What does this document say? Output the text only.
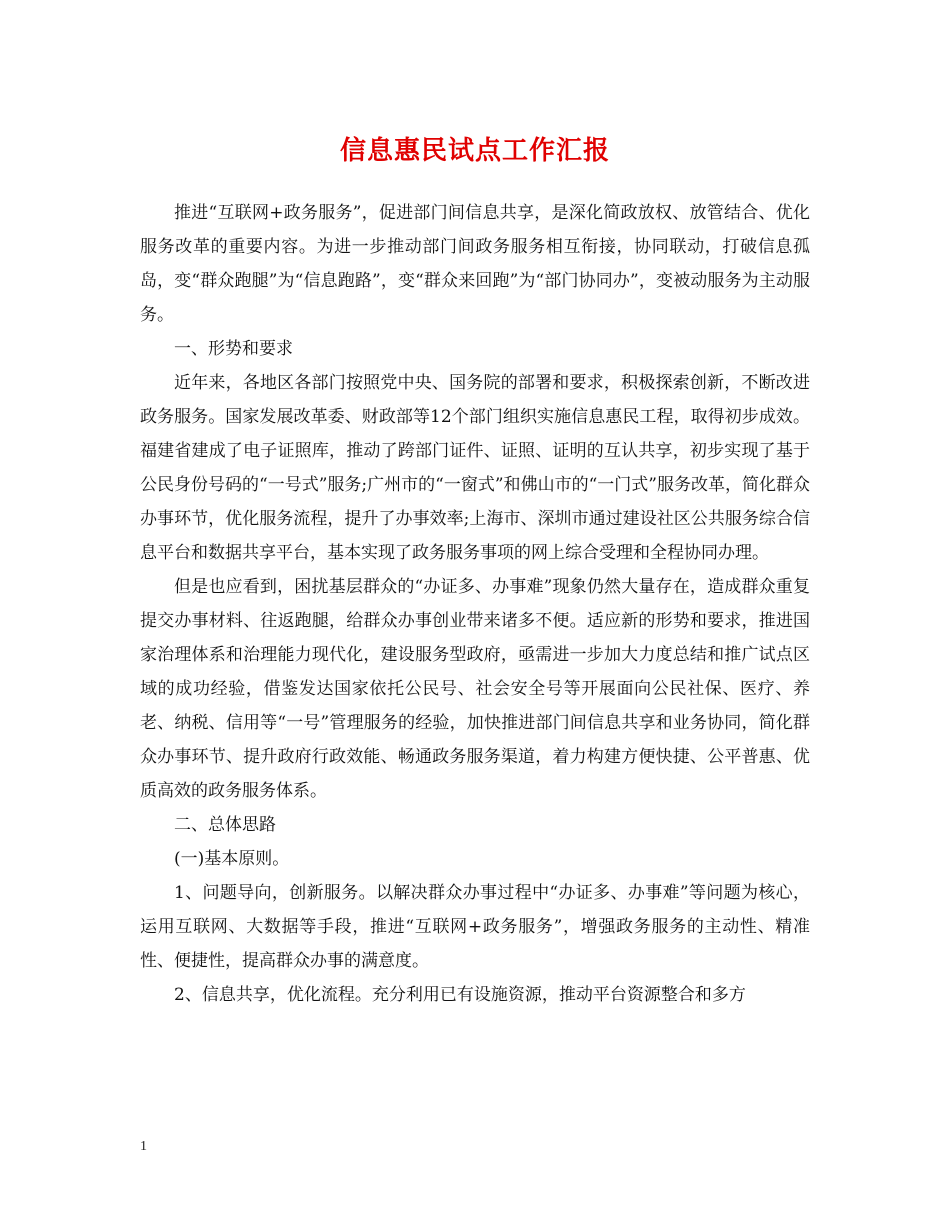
信息惠民试点工作汇报

推进“互联网+政务服务”，促进部门间信息共享，是深化简政放权、放管结合、优化服务改革的重要内容。为进一步推动部门间政务服务相互衔接，协同联动，打破信息孤岛，变“群众跑腿”为“信息跑路”，变“群众来回跑”为“部门协同办”，变被动服务为主动服务。

一、形势和要求

近年来，各地区各部门按照党中央、国务院的部署和要求，积极探索创新，不断改进政务服务。国家发展改革委、财政部等12个部门组织实施信息惠民工程，取得初步成效。福建省建成了电子证照库，推动了跨部门证件、证照、证明的互认共享，初步实现了基于公民身份号码的“一号式”服务;广州市的“一窗式”和佛山市的“一门式”服务改革，简化群众办事环节，优化服务流程，提升了办事效率;上海市、深圳市通过建设社区公共服务综合信息平台和数据共享平台，基本实现了政务服务事项的网上综合受理和全程协同办理。

但是也应看到，困扰基层群众的“办证多、办事难”现象仍然大量存在，造成群众重复提交办事材料、往返跑腿，给群众办事创业带来诸多不便。适应新的形势和要求，推进国家治理体系和治理能力现代化，建设服务型政府，亟需进一步加大力度总结和推广试点区域的成功经验，借鉴发达国家依托公民号、社会安全号等开展面向公民社保、医疗、养老、纳税、信用等“一号”管理服务的经验，加快推进部门间信息共享和业务协同，简化群众办事环节、提升政府行政效能、畅通政务服务渠道，着力构建方便快捷、公平普惠、优质高效的政务服务体系。

二、总体思路

(一)基本原则。

1、问题导向，创新服务。以解决群众办事过程中“办证多、办事难”等问题为核心，运用互联网、大数据等手段，推进“互联网+政务服务”，增强政务服务的主动性、精准性、便捷性，提高群众办事的满意度。

2、信息共享，优化流程。充分利用已有设施资源，推动平台资源整合和多方

1
